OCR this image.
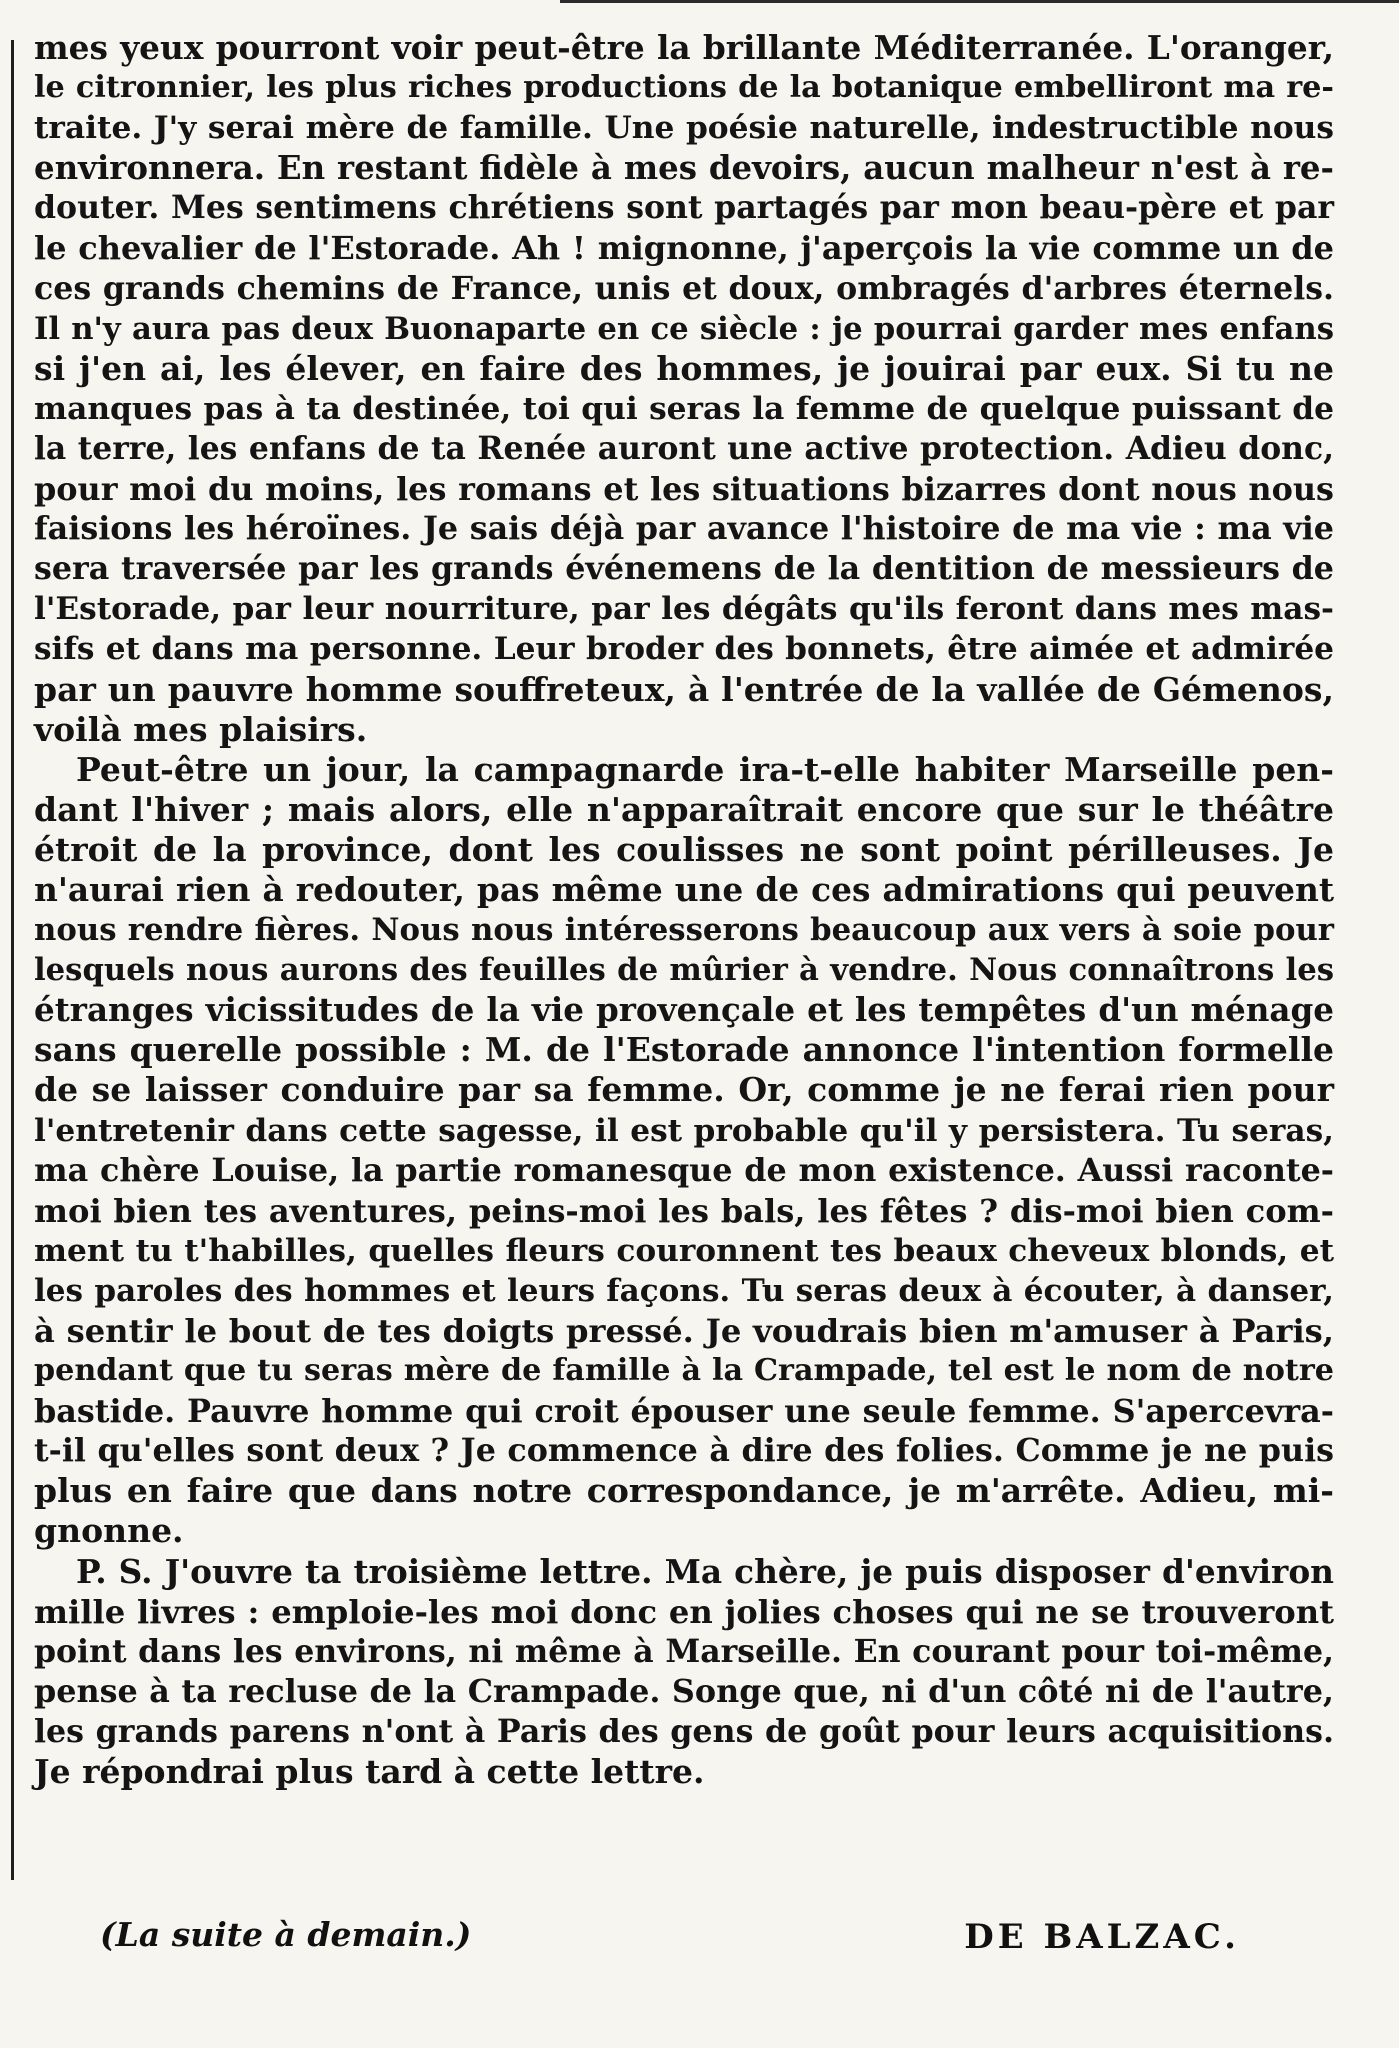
mes yeux pourront voir peut-être la brillante Méditerranée. L'oranger,
le citronnier, les plus riches productions de la botanique embelliront ma re-
traite. J'y serai mère de famille. Une poésie naturelle, indestructible nous
environnera. En restant fidèle à mes devoirs, aucun malheur n'est à re-
douter. Mes sentimens chrétiens sont partagés par mon beau-père et par
le chevalier de l'Estorade. Ah ! mignonne, j'aperçois la vie comme un de
ces grands chemins de France, unis et doux, ombragés d'arbres éternels.
Il n'y aura pas deux Buonaparte en ce siècle : je pourrai garder mes enfans
si j'en ai, les élever, en faire des hommes, je jouirai par eux. Si tu ne
manques pas à ta destinée, toi qui seras la femme de quelque puissant de
la terre, les enfans de ta Renée auront une active protection. Adieu donc,
pour moi du moins, les romans et les situations bizarres dont nous nous
faisions les héroïnes. Je sais déjà par avance l'histoire de ma vie : ma vie
sera traversée par les grands événemens de la dentition de messieurs de
l'Estorade, par leur nourriture, par les dégâts qu'ils feront dans mes mas-
sifs et dans ma personne. Leur broder des bonnets, être aimée et admirée
par un pauvre homme souffreteux, à l'entrée de la vallée de Gémenos,
voilà mes plaisirs.

Peut-être un jour, la campagnarde ira-t-elle habiter Marseille pen-
dant l'hiver ; mais alors, elle n'apparaîtrait encore que sur le théâtre
étroit de la province, dont les coulisses ne sont point périlleuses. Je
n'aurai rien à redouter, pas même une de ces admirations qui peuvent
nous rendre fières. Nous nous intéresserons beaucoup aux vers à soie pour
lesquels nous aurons des feuilles de mûrier à vendre. Nous connaîtrons les
étranges vicissitudes de la vie provençale et les tempêtes d'un ménage
sans querelle possible : M. de l'Estorade annonce l'intention formelle
de se laisser conduire par sa femme. Or, comme je ne ferai rien pour
l'entretenir dans cette sagesse, il est probable qu'il y persistera. Tu seras,
ma chère Louise, la partie romanesque de mon existence. Aussi raconte-
moi bien tes aventures, peins-moi les bals, les fêtes ? dis-moi bien com-
ment tu t'habilles, quelles fleurs couronnent tes beaux cheveux blonds, et
les paroles des hommes et leurs façons. Tu seras deux à écouter, à danser,
à sentir le bout de tes doigts pressé. Je voudrais bien m'amuser à Paris,
pendant que tu seras mère de famille à la Crampade, tel est le nom de notre
bastide. Pauvre homme qui croit épouser une seule femme. S'apercevra-
t-il qu'elles sont deux ? Je commence à dire des folies. Comme je ne puis
plus en faire que dans notre correspondance, je m'arrête. Adieu, mi-
gnonne.

P. S. J'ouvre ta troisième lettre. Ma chère, je puis disposer d'environ
mille livres : emploie-les moi donc en jolies choses qui ne se trouveront
point dans les environs, ni même à Marseille. En courant pour toi-même,
pense à ta recluse de la Crampade. Songe que, ni d'un côté ni de l'autre,
les grands parens n'ont à Paris des gens de goût pour leurs acquisitions.
Je répondrai plus tard à cette lettre.

(La suite à demain.)	DE BALZAC.
